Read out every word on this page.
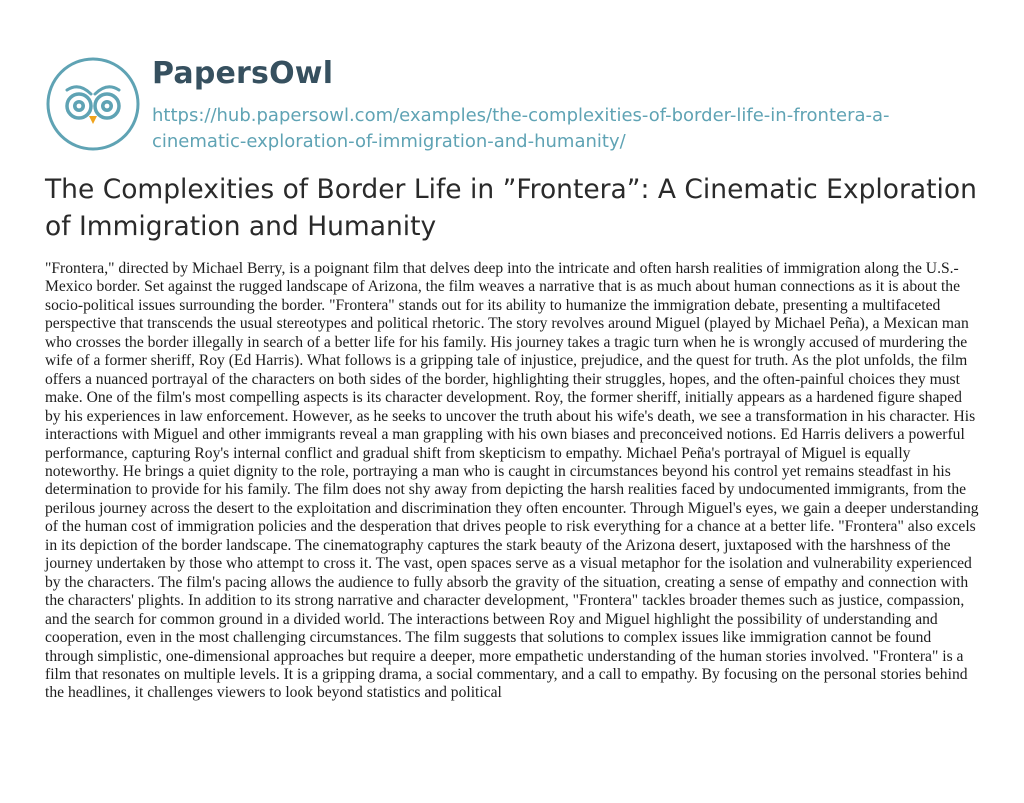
PapersOwl
https://hub.papersowl.com/examples/the-complexities-of-border-life-in-frontera-a-cinematic-exploration-of-immigration-and-humanity/
The Complexities of Border Life in ”Frontera”: A Cinematic Exploration of Immigration and Humanity

"Frontera," directed by Michael Berry, is a poignant film that delves deep into the intricate and often harsh realities of immigration along the U.S.-Mexico border. Set against the rugged landscape of Arizona, the film weaves a narrative that is as much about human connections as it is about the socio-political issues surrounding the border. "Frontera" stands out for its ability to humanize the immigration debate, presenting a multifaceted perspective that transcends the usual stereotypes and political rhetoric. The story revolves around Miguel (played by Michael Peña), a Mexican man who crosses the border illegally in search of a better life for his family. His journey takes a tragic turn when he is wrongly accused of murdering the wife of a former sheriff, Roy (Ed Harris). What follows is a gripping tale of injustice, prejudice, and the quest for truth. As the plot unfolds, the film offers a nuanced portrayal of the characters on both sides of the border, highlighting their struggles, hopes, and the often-painful choices they must make. One of the film's most compelling aspects is its character development. Roy, the former sheriff, initially appears as a hardened figure shaped by his experiences in law enforcement. However, as he seeks to uncover the truth about his wife's death, we see a transformation in his character. His interactions with Miguel and other immigrants reveal a man grappling with his own biases and preconceived notions. Ed Harris delivers a powerful performance, capturing Roy's internal conflict and gradual shift from skepticism to empathy. Michael Peña's portrayal of Miguel is equally noteworthy. He brings a quiet dignity to the role, portraying a man who is caught in circumstances beyond his control yet remains steadfast in his determination to provide for his family. The film does not shy away from depicting the harsh realities faced by undocumented immigrants, from the perilous journey across the desert to the exploitation and discrimination they often encounter. Through Miguel's eyes, we gain a deeper understanding of the human cost of immigration policies and the desperation that drives people to risk everything for a chance at a better life. "Frontera" also excels in its depiction of the border landscape. The cinematography captures the stark beauty of the Arizona desert, juxtaposed with the harshness of the journey undertaken by those who attempt to cross it. The vast, open spaces serve as a visual metaphor for the isolation and vulnerability experienced by the characters. The film's pacing allows the audience to fully absorb the gravity of the situation, creating a sense of empathy and connection with the characters' plights. In addition to its strong narrative and character development, "Frontera" tackles broader themes such as justice, compassion, and the search for common ground in a divided world. The interactions between Roy and Miguel highlight the possibility of understanding and cooperation, even in the most challenging circumstances. The film suggests that solutions to complex issues like immigration cannot be found through simplistic, one-dimensional approaches but require a deeper, more empathetic understanding of the human stories involved. "Frontera" is a film that resonates on multiple levels. It is a gripping drama, a social commentary, and a call to empathy. By focusing on the personal stories behind the headlines, it challenges viewers to look beyond statistics and political
